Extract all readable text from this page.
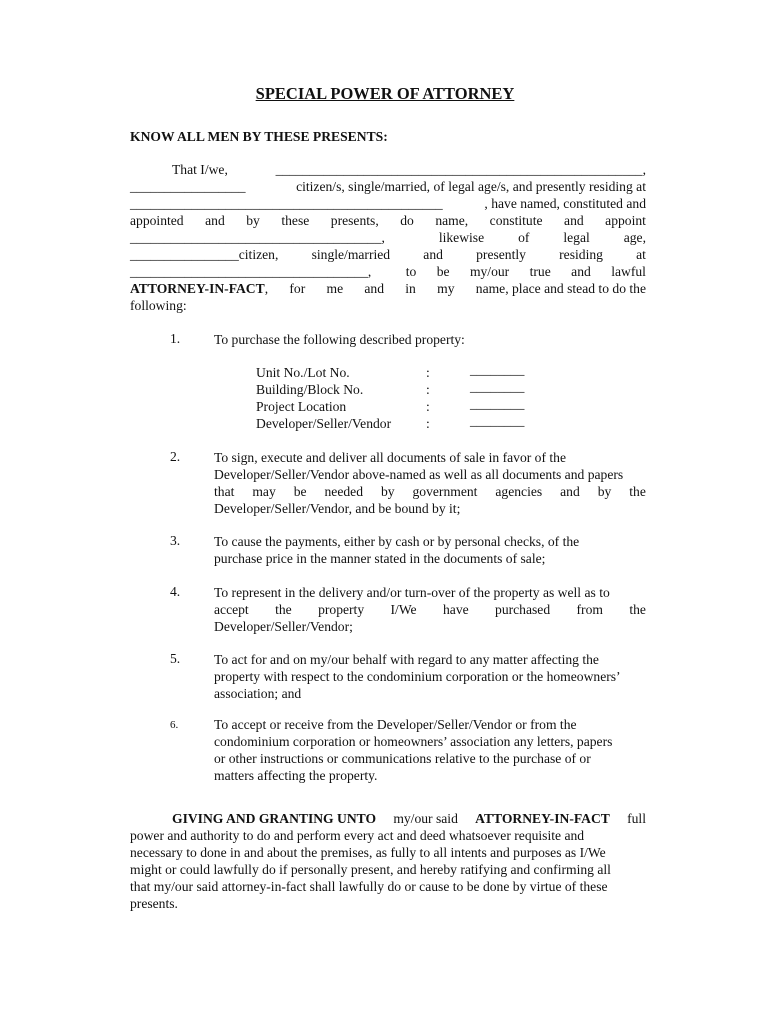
SPECIAL POWER OF ATTORNEY
KNOW ALL MEN BY THESE PRESENTS:
That I/we,	______________________________________________________,
_________________	citizen/s, single/married, of legal age/s, and presently residing at
______________________________________________	, have named, constituted and
appointed and by these presents, do name, constitute and appoint
_____________________________________,	likewise of legal age,
________________citizen, single/married and presently residing at
___________________________________,	to be my/our true and lawful
ATTORNEY-IN-FACT, for me and in my name, place and stead to do the
following:
1. To purchase the following described property:
Unit No./Lot No.	:	________
Building/Block No.	:	________
Project Location	:	________
Developer/Seller/Vendor	:	________
2. To sign, execute and deliver all documents of sale in favor of the
Developer/Seller/Vendor above-named as well as all documents and papers
that may be needed by government agencies and by the
Developer/Seller/Vendor, and be bound by it;
3. To cause the payments, either by cash or by personal checks, of the
purchase price in the manner stated in the documents of sale;
4. To represent in the delivery and/or turn-over of the property as well as to
accept the property I/We have purchased from the
Developer/Seller/Vendor;
5. To act for and on my/our behalf with regard to any matter affecting the
property with respect to the condominium corporation or the homeowners’
association; and
6.	To accept or receive from the Developer/Seller/Vendor or from the
condominium corporation or homeowners’ association any letters, papers
or other instructions or communications relative to the purchase of or
matters affecting the property.
GIVING AND GRANTING UNTO my/our said ATTORNEY-IN-FACT full
power and authority to do and perform every act and deed whatsoever requisite and
necessary to done in and about the premises, as fully to all intents and purposes as I/We
might or could lawfully do if personally present, and hereby ratifying and confirming all
that my/our said attorney-in-fact shall lawfully do or cause to be done by virtue of these
presents.
